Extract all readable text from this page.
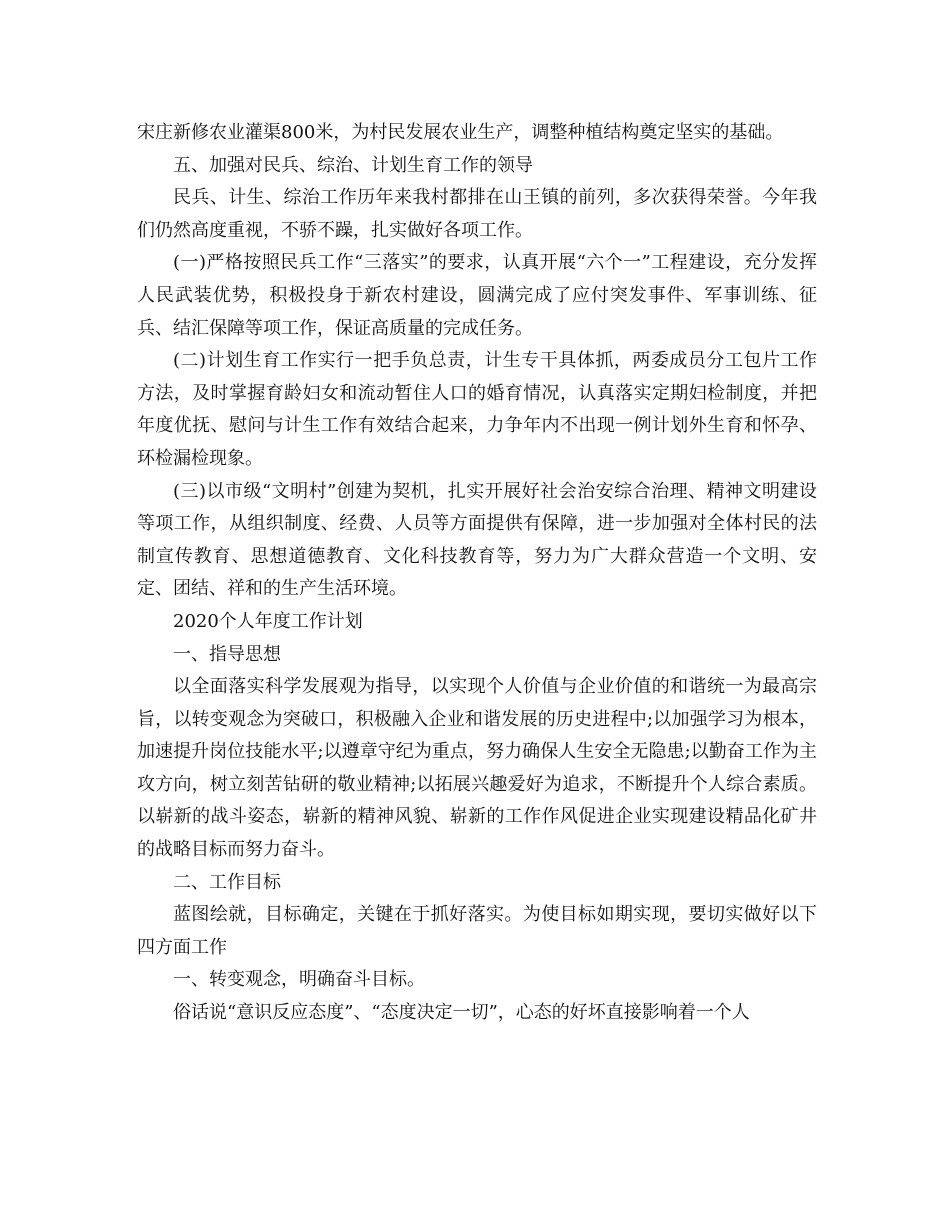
宋庄新修农业灌渠800米，为村民发展农业生产，调整种植结构奠定坚实的基础。

五、加强对民兵、综治、计划生育工作的领导

民兵、计生、综治工作历年来我村都排在山王镇的前列，多次获得荣誉。今年我们仍然高度重视，不骄不躁，扎实做好各项工作。

(一)严格按照民兵工作“三落实”的要求，认真开展“六个一”工程建设，充分发挥人民武装优势，积极投身于新农村建设，圆满完成了应付突发事件、军事训练、征兵、结汇保障等项工作，保证高质量的完成任务。

(二)计划生育工作实行一把手负总责，计生专干具体抓，两委成员分工包片工作方法，及时掌握育龄妇女和流动暂住人口的婚育情况，认真落实定期妇检制度，并把年度优抚、慰问与计生工作有效结合起来，力争年内不出现一例计划外生育和怀孕、环检漏检现象。

(三)以市级“文明村”创建为契机，扎实开展好社会治安综合治理、精神文明建设等项工作，从组织制度、经费、人员等方面提供有保障，进一步加强对全体村民的法制宣传教育、思想道德教育、文化科技教育等，努力为广大群众营造一个文明、安定、团结、祥和的生产生活环境。

2020个人年度工作计划

一、指导思想

以全面落实科学发展观为指导，以实现个人价值与企业价值的和谐统一为最高宗旨，以转变观念为突破口，积极融入企业和谐发展的历史进程中;以加强学习为根本，加速提升岗位技能水平;以遵章守纪为重点，努力确保人生安全无隐患;以勤奋工作为主攻方向，树立刻苦钻研的敬业精神;以拓展兴趣爱好为追求，不断提升个人综合素质。以崭新的战斗姿态，崭新的精神风貌、崭新的工作作风促进企业实现建设精品化矿井的战略目标而努力奋斗。

二、工作目标

蓝图绘就，目标确定，关键在于抓好落实。为使目标如期实现，要切实做好以下四方面工作

一、转变观念，明确奋斗目标。

俗话说“意识反应态度”、“态度决定一切”，心态的好坏直接影响着一个人
